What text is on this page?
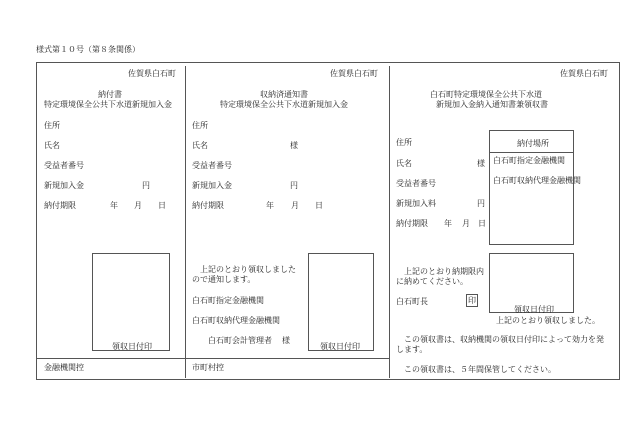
様式第１０号（第８条関係）
佐賀県白石町
納付書
特定環境保全公共下水道新規加入金
住所
氏名
受益者番号
新規加入金	円
納付期限	年 月 日
領収日付印
金融機関控
佐賀県白石町
収納済通知書
特定環境保全公共下水道新規加入金
住所
氏名	様
受益者番号
新規加入金	円
納付期限	年 月 日
上記のとおり領収しました
ので通知します。
白石町指定金融機関
白石町収納代理金融機関
白石町会計管理者 様
領収日付印
市町村控
佐賀県白石町
白石町特定環境保全公共下水道
新規加入金納入通知書兼領収書
住所
氏名	様
受益者番号
新規加入料	円
納付期限 年 月 日
納付場所
白石町指定金融機関
白石町収納代理金融機関
上記のとおり納期限内
に納めてください。
白石町長	印
領収日付印
上記のとおり領収しました。
この領収書は、収納機関の領収日付印によって効力を発
します。
この領収書は、５年間保管してください。
